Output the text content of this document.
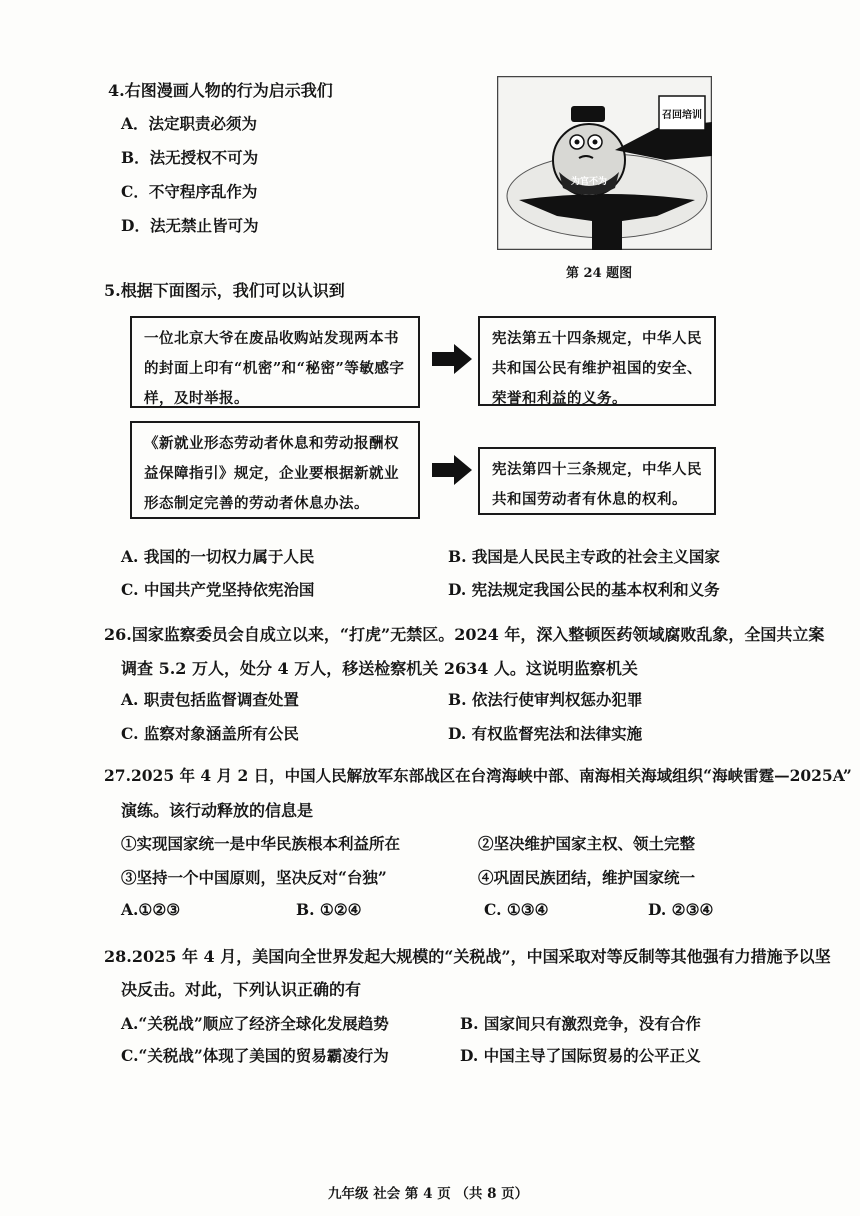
4.右图漫画人物的行为启示我们
A．法定职责必须为
B．法无授权不可为
C．不守程序乱作为
D．法无禁止皆可为
召回培训
为官不为
第 24 题图
5.根据下面图示，我们可以认识到
一位北京大爷在废品收购站发现两本书的封面上印有“机密”和“秘密”等敏感字样，及时举报。
宪法第五十四条规定，中华人民共和国公民有维护祖国的安全、荣誉和利益的义务。
《新就业形态劳动者休息和劳动报酬权益保障指引》规定，企业要根据新就业形态制定完善的劳动者休息办法。
宪法第四十三条规定，中华人民共和国劳动者有休息的权利。
A. 我国的一切权力属于人民	B. 我国是人民民主专政的社会主义国家
C. 中国共产党坚持依宪治国	D. 宪法规定我国公民的基本权利和义务
26.国家监察委员会自成立以来，“打虎”无禁区。2024 年，深入整顿医药领域腐败乱象，全国共立案
调查 5.2 万人，处分 4 万人，移送检察机关 2634 人。这说明监察机关
A. 职责包括监督调查处置	B. 依法行使审判权惩办犯罪
C. 监察对象涵盖所有公民	D. 有权监督宪法和法律实施
27.2025 年 4 月 2 日，中国人民解放军东部战区在台湾海峡中部、南海相关海域组织“海峡雷霆—2025A”
演练。该行动释放的信息是
①实现国家统一是中华民族根本利益所在	②坚决维护国家主权、领土完整
③坚持一个中国原则，坚决反对“台独”	④巩固民族团结，维护国家统一
A.①②③	B. ①②④	C. ①③④	D. ②③④
28.2025 年 4 月，美国向全世界发起大规模的“关税战”，中国采取对等反制等其他强有力措施予以坚
决反击。对此，下列认识正确的有
A.“关税战”顺应了经济全球化发展趋势	B. 国家间只有激烈竞争，没有合作
C.“关税战”体现了美国的贸易霸凌行为	D. 中国主导了国际贸易的公平正义
九年级 社会 第 4 页 （共 8 页）
